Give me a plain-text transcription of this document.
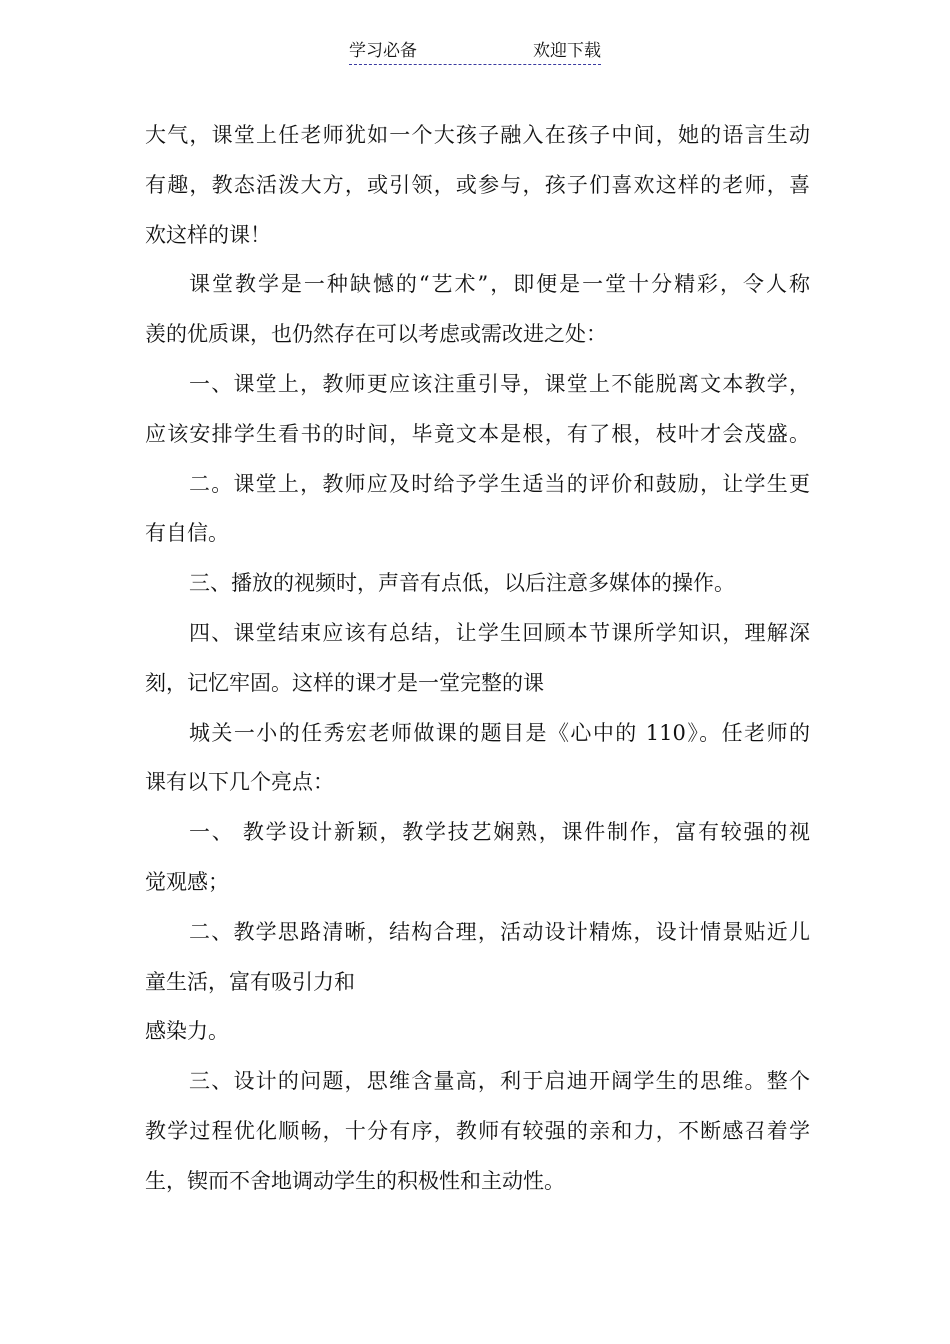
学习必备	欢迎下载
大气，课堂上任老师犹如一个大孩子融入在孩子中间，她的语言生动
有趣，教态活泼大方，或引领，或参与，孩子们喜欢这样的老师，喜
欢这样的课！
课堂教学是一种缺憾的“艺术”，即便是一堂十分精彩，令人称
羡的优质课，也仍然存在可以考虑或需改进之处：
一、课堂上，教师更应该注重引导，课堂上不能脱离文本教学，
应该安排学生看书的时间，毕竟文本是根，有了根，枝叶才会茂盛。
二。课堂上，教师应及时给予学生适当的评价和鼓励，让学生更
有自信。
三、播放的视频时，声音有点低，以后注意多媒体的操作。
四、课堂结束应该有总结，让学生回顾本节课所学知识，理解深
刻，记忆牢固。这样的课才是一堂完整的课
城关一小的任秀宏老师做课的题目是《心中的 110》。任老师的
课有以下几个亮点：
一、 教学设计新颖，教学技艺娴熟，课件制作，富有较强的视
觉观感；
二、教学思路清晰，结构合理，活动设计精炼，设计情景贴近儿
童生活，富有吸引力和
感染力。
三、设计的问题，思维含量高，利于启迪开阔学生的思维。整个
教学过程优化顺畅，十分有序，教师有较强的亲和力，不断感召着学
生，锲而不舍地调动学生的积极性和主动性。
